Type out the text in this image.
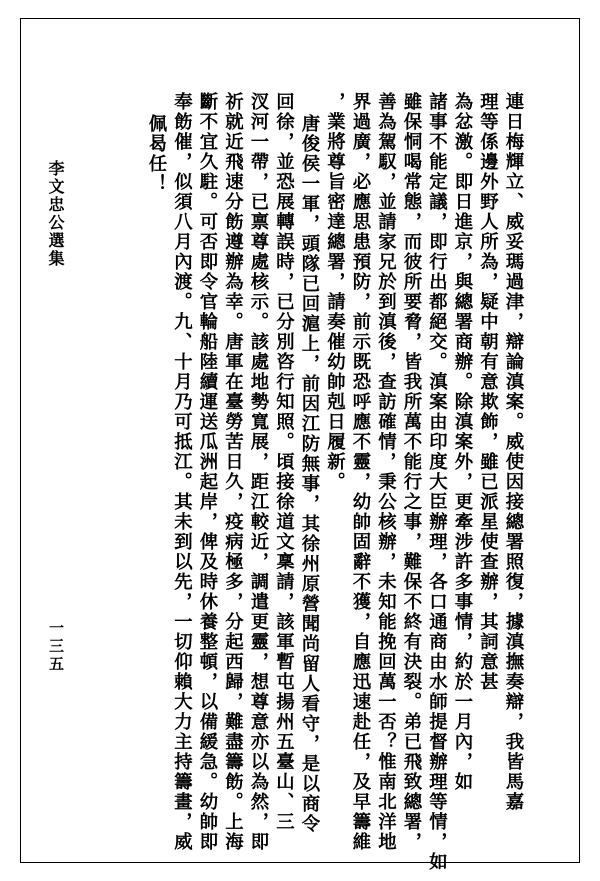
李文忠公選集
一三五	連日梅輝立、威妥瑪過津，辯論滇案。威使因接總署照復，據滇撫奏辯，我皆馬嘉
理等係邊外野人所為，疑中朝有意欺飾，雖已派星使查辦，其詞意甚
為忿激。即日進京，與總署商辦。除滇案外，更牽涉許多事情，約於一月內，如
諸事不能定議，即行出都絕交。滇案由印度大臣辦理，各口通商由水師提督辦理等情，如
雖保恫喝常態，而彼所要脅，皆我所萬不能行之事，難保不終有決裂。弟已飛致總署，
善為駕馭，並請家兄於到滇後，查訪確情，秉公核辦，未知能挽回萬一否？惟南北洋地
界過廣，必應思患預防，前示既恐呼應不靈，幼帥固辭不獲，自應迅速赴任，及早籌維
，業將尊旨密達總署，請奏催幼帥剋日履新。
唐俊侯一軍，頭隊已回滬上，前因江防無事，其徐州原營聞尚留人看守，是以商令
回徐，並恐展轉誤時，已分別咨行知照。頃接徐道文稟請，該軍暫屯揚州五臺山、三
汊河一帶，已禀尊處核示。該處地勢寬展，距江較近，調遣更靈，想尊意亦以為然，即
祈就近飛速分飭遵辦為幸。唐軍在臺勞苦日久，疫病極多，分起西歸，難盡籌飭。上海
斷不宜久駐。可否即令官輪船陸續運送瓜洲起岸，俾及時休養整頓，以備緩急。幼帥即
奉飭催，似須八月內渡。九、十月乃可抵江。其未到以先，一切仰賴大力主持籌畫，威
佩曷任！
